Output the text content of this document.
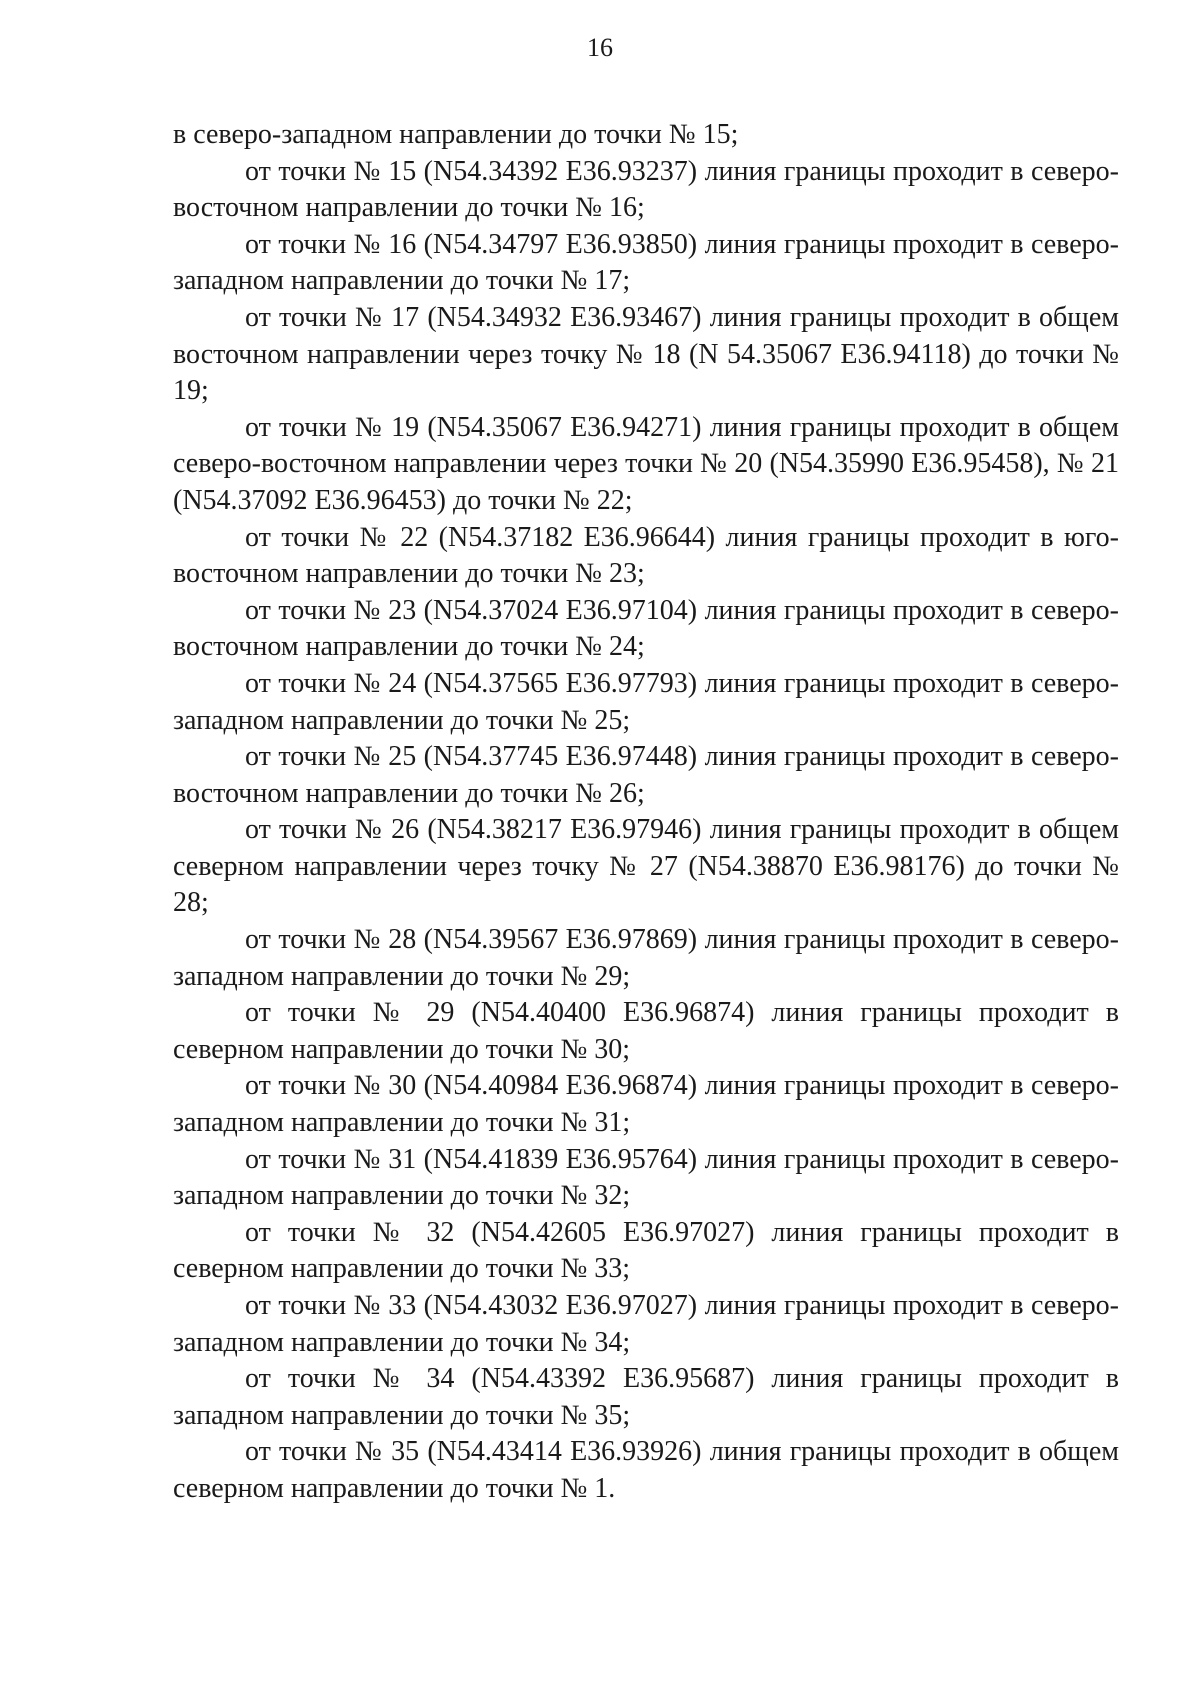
16

в северо-западном направлении до точки № 15;

от точки № 15 (N54.34392 E36.93237) линия границы проходит в северо-восточном направлении до точки № 16;

от точки № 16 (N54.34797 E36.93850) линия границы проходит в северо-западном направлении до точки № 17;

от точки № 17 (N54.34932 E36.93467) линия границы проходит в общем восточном направлении через точку № 18 (N 54.35067 E36.94118) до точки № 19;

от точки № 19 (N54.35067 E36.94271) линия границы проходит в общем северо-восточном направлении через точки № 20 (N54.35990 E36.95458), № 21 (N54.37092 E36.96453) до точки № 22;

от точки № 22 (N54.37182 E36.96644) линия границы проходит в юго-восточном направлении до точки № 23;

от точки № 23 (N54.37024 E36.97104) линия границы проходит в северо-восточном направлении до точки № 24;

от точки № 24 (N54.37565 E36.97793) линия границы проходит в северо-западном направлении до точки № 25;

от точки № 25 (N54.37745 E36.97448) линия границы проходит в северо-восточном направлении до точки № 26;

от точки № 26 (N54.38217 E36.97946) линия границы проходит в общем северном направлении через точку № 27 (N54.38870 E36.98176) до точки № 28;

от точки № 28 (N54.39567 E36.97869) линия границы проходит в северо-западном направлении до точки № 29;

от точки № 29 (N54.40400 E36.96874) линия границы проходит в северном направлении до точки № 30;

от точки № 30 (N54.40984 E36.96874) линия границы проходит в северо-западном направлении до точки № 31;

от точки № 31 (N54.41839 E36.95764) линия границы проходит в северо-западном направлении до точки № 32;

от точки № 32 (N54.42605 E36.97027) линия границы проходит в северном направлении до точки № 33;

от точки № 33 (N54.43032 E36.97027) линия границы проходит в северо-западном направлении до точки № 34;

от точки № 34 (N54.43392 E36.95687) линия границы проходит в западном направлении до точки № 35;

от точки № 35 (N54.43414 E36.93926) линия границы проходит в общем северном направлении до точки № 1.
